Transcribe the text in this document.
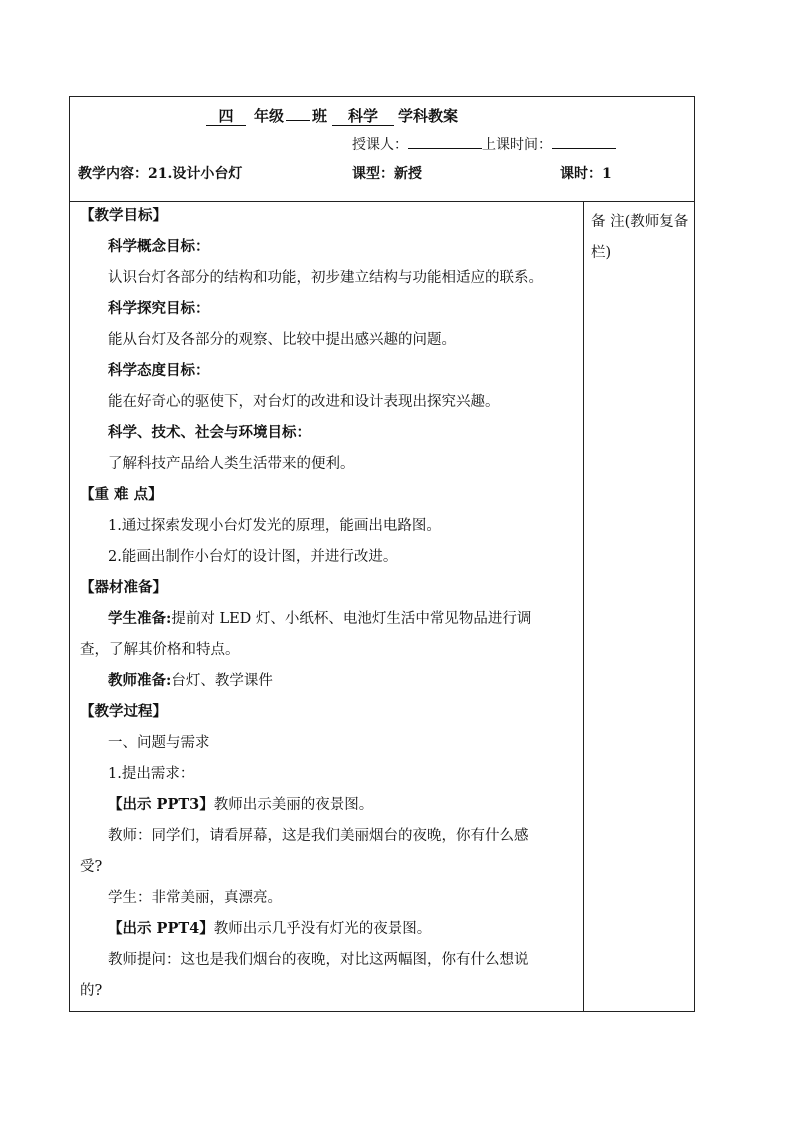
四	年级 班	科学	学科教案
授课人：	上课时间：
教学内容：21.设计小台灯	课型：新授	课时：1
【教学目标】
科学概念目标：
认识台灯各部分的结构和功能，初步建立结构与功能相适应的联系。
科学探究目标：
能从台灯及各部分的观察、比较中提出感兴趣的问题。
科学态度目标：
能在好奇心的驱使下，对台灯的改进和设计表现出探究兴趣。
科学、技术、社会与环境目标：
了解科技产品给人类生活带来的便利。
【重 难 点】
1.通过探索发现小台灯发光的原理，能画出电路图。
2.能画出制作小台灯的设计图，并进行改进。
【器材准备】
学生准备:提前对 LED 灯、小纸杯、电池灯生活中常见物品进行调
查，了解其价格和特点。
教师准备:台灯、教学课件
【教学过程】
一、问题与需求
1.提出需求：
【出示 PPT3】教师出示美丽的夜景图。
教师：同学们，请看屏幕，这是我们美丽烟台的夜晚，你有什么感
受?
学生：非常美丽，真漂亮。
【出示 PPT4】教师出示几乎没有灯光的夜景图。
教师提问：这也是我们烟台的夜晚，对比这两幅图，你有什么想说
的?
备 注(教师复备栏)
